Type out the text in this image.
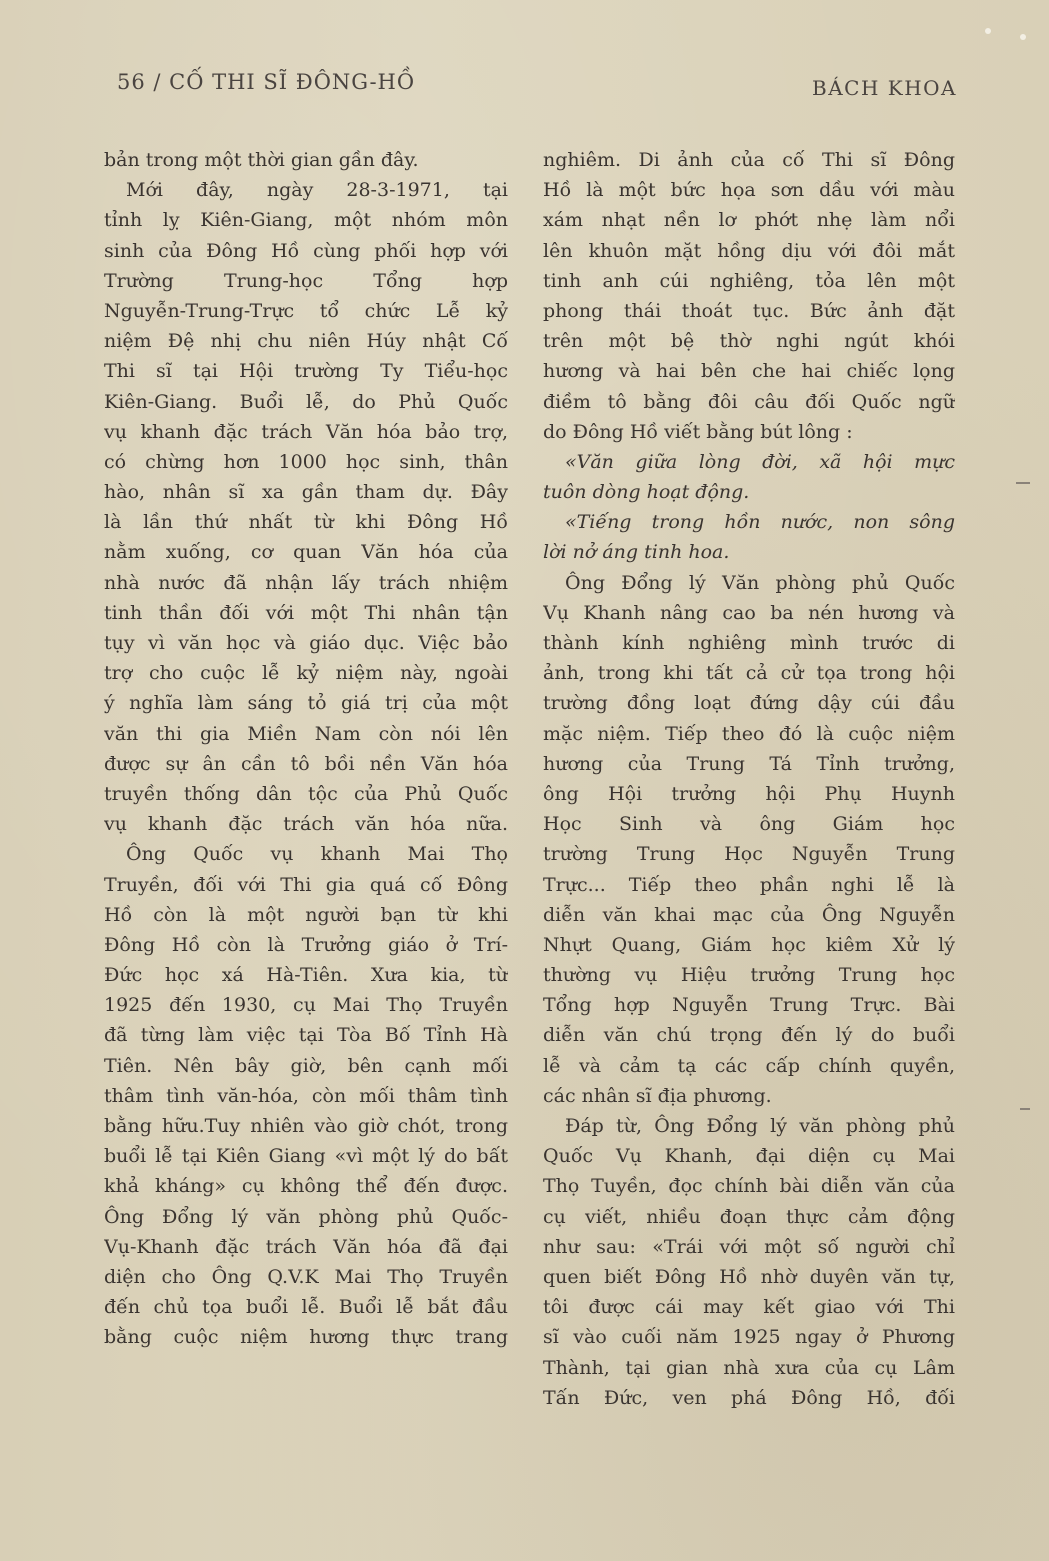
56 / CỐ THI SĨ ĐÔNG-HỒ	BÁCH KHOA
bản trong một thời gian gần đây.
Mới đây, ngày 28-3-1971, tại
tỉnh lỵ Kiên-Giang, một nhóm môn
sinh của Đông Hồ cùng phối hợp với
Trường Trung-học Tổng hợp
Nguyễn-Trung-Trực tổ chức Lễ kỷ
niệm Đệ nhị chu niên Húy nhật Cố
Thi sĩ tại Hội trường Ty Tiểu-học
Kiên-Giang. Buổi lễ, do Phủ Quốc
vụ khanh đặc trách Văn hóa bảo trợ,
có chừng hơn 1000 học sinh, thân
hào, nhân sĩ xa gần tham dự. Đây
là lần thứ nhất từ khi Đông Hồ
nằm xuống, cơ quan Văn hóa của
nhà nước đã nhận lấy trách nhiệm
tinh thần đối với một Thi nhân tận
tụy vì văn học và giáo dục. Việc bảo
trợ cho cuộc lễ kỷ niệm này, ngoài
ý nghĩa làm sáng tỏ giá trị của một
văn thi gia Miền Nam còn nói lên
được sự ân cần tô bồi nền Văn hóa
truyền thống dân tộc của Phủ Quốc
vụ khanh đặc trách văn hóa nữa.
Ông Quốc vụ khanh Mai Thọ
Truyền, đối với Thi gia quá cố Đông
Hồ còn là một người bạn từ khi
Đông Hồ còn là Trưởng giáo ở Trí-
Đức học xá Hà-Tiên. Xưa kia, từ
1925 đến 1930, cụ Mai Thọ Truyền
đã từng làm việc tại Tòa Bố Tỉnh Hà
Tiên. Nên bây giờ, bên cạnh mối
thâm tình văn-hóa, còn mối thâm tình
bằng hữu.Tuy nhiên vào giờ chót, trong
buổi lễ tại Kiên Giang «vì một lý do bất
khả kháng» cụ không thể đến được.
Ông Đổng lý văn phòng phủ Quốc-
Vụ-Khanh đặc trách Văn hóa đã đại
diện cho Ông Q.V.K Mai Thọ Truyền
đến chủ tọa buổi lễ. Buổi lễ bắt đầu
bằng cuộc niệm hương thực trang
nghiêm. Di ảnh của cố Thi sĩ Đông
Hồ là một bức họa sơn dầu với màu
xám nhạt nền lơ phớt nhẹ làm nổi
lên khuôn mặt hồng dịu với đôi mắt
tinh anh cúi nghiêng, tỏa lên một
phong thái thoát tục. Bức ảnh đặt
trên một bệ thờ nghi ngút khói
hương và hai bên che hai chiếc lọng
điềm tô bằng đôi câu đối Quốc ngữ
do Đông Hồ viết bằng bút lông :
«Văn giữa lòng đời, xã hội mực
tuôn dòng hoạt động.
«Tiếng trong hồn nước, non sông
lời nở áng tinh hoa.
Ông Đổng lý Văn phòng phủ Quốc
Vụ Khanh nâng cao ba nén hương và
thành kính nghiêng mình trước di
ảnh, trong khi tất cả cử tọa trong hội
trường đồng loạt đứng dậy cúi đầu
mặc niệm. Tiếp theo đó là cuộc niệm
hương của Trung Tá Tỉnh trưởng,
ông Hội trưởng hội Phụ Huynh
Học Sinh và ông Giám học
trường Trung Học Nguyễn Trung
Trực... Tiếp theo phần nghi lễ là
diễn văn khai mạc của Ông Nguyễn
Nhựt Quang, Giám học kiêm Xử lý
thường vụ Hiệu trưởng Trung học
Tổng hợp Nguyễn Trung Trực. Bài
diễn văn chú trọng đến lý do buổi
lễ và cảm tạ các cấp chính quyền,
các nhân sĩ địa phương.
Đáp từ, Ông Đổng lý văn phòng phủ
Quốc Vụ Khanh, đại diện cụ Mai
Thọ Tuyền, đọc chính bài diễn văn của
cụ viết, nhiều đoạn thực cảm động
như sau: «Trái với một số người chỉ
quen biết Đông Hồ nhờ duyên văn tự,
tôi được cái may kết giao với Thi
sĩ vào cuối năm 1925 ngay ở Phương
Thành, tại gian nhà xưa của cụ Lâm
Tấn Đức, ven phá Đông Hồ, đối
